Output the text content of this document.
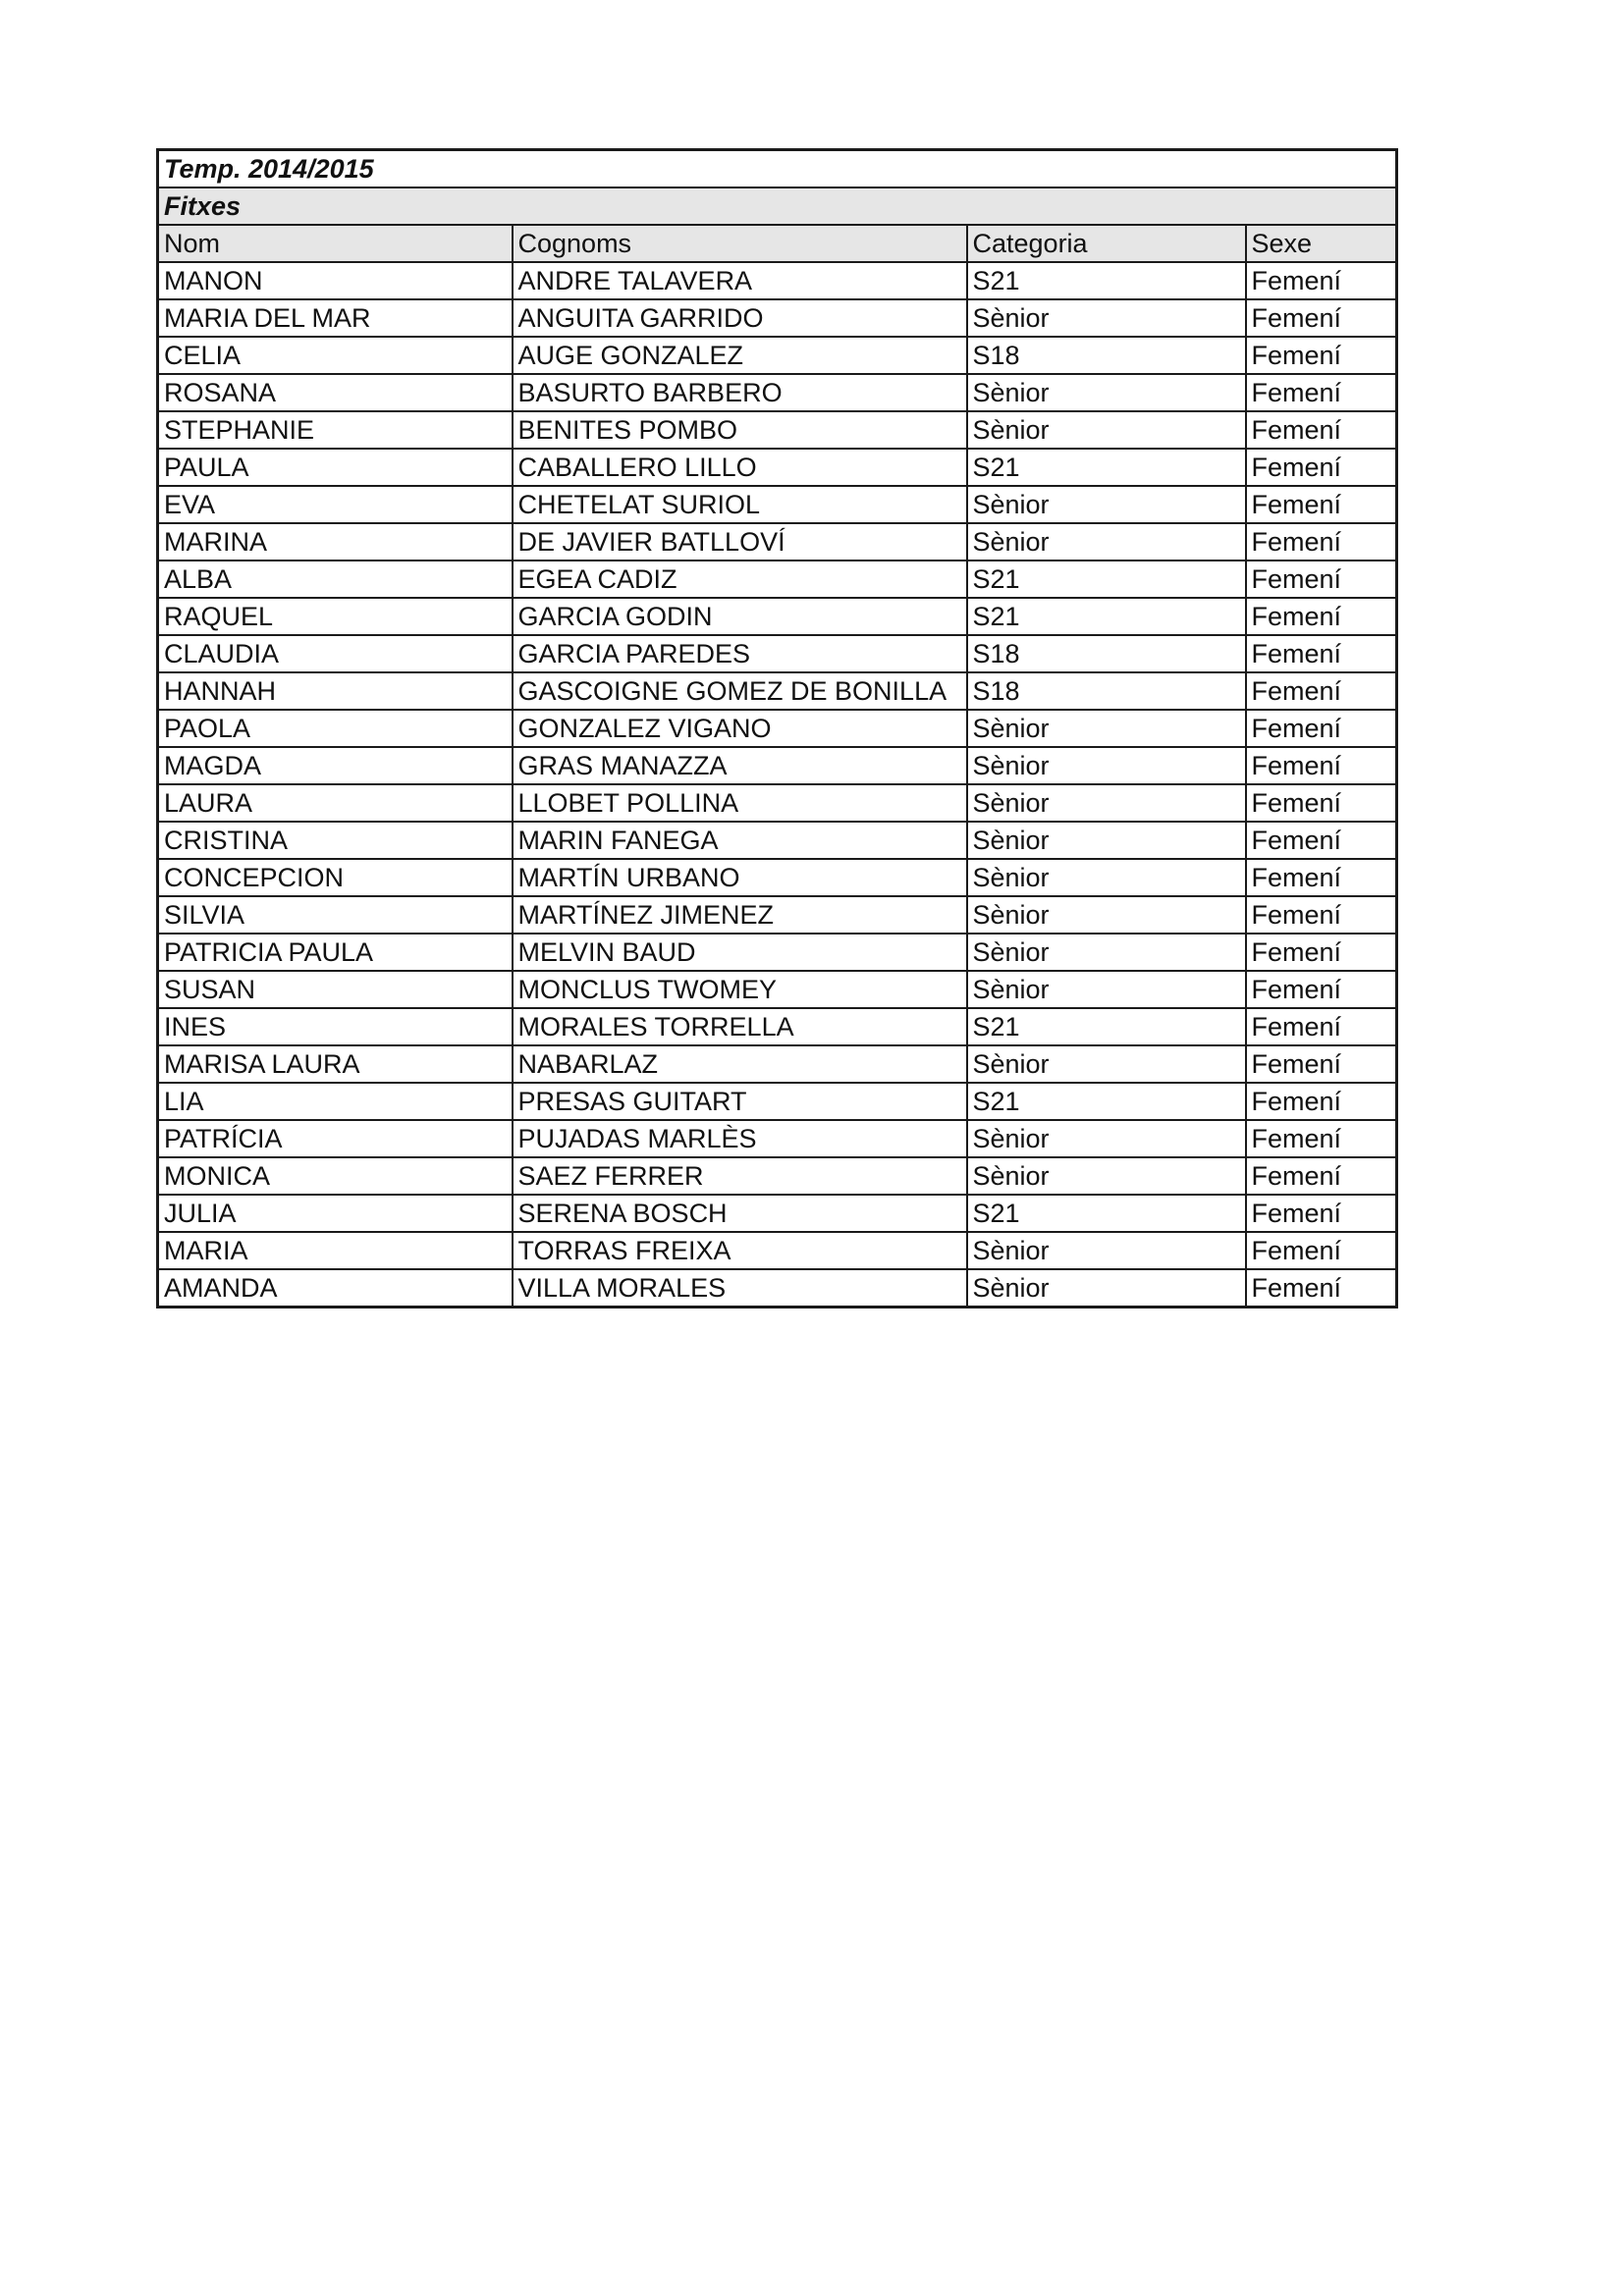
Temp. 2014/2015			
Fitxes			
Nom	Cognoms	Categoria	Sexe
MANON	ANDRE TALAVERA	S21	Femení
MARIA DEL MAR	ANGUITA GARRIDO	Sènior	Femení
CELIA	AUGE GONZALEZ	S18	Femení
ROSANA	BASURTO BARBERO	Sènior	Femení
STEPHANIE	BENITES POMBO	Sènior	Femení
PAULA	CABALLERO LILLO	S21	Femení
EVA	CHETELAT SURIOL	Sènior	Femení
MARINA	DE JAVIER BATLLOVÍ	Sènior	Femení
ALBA	EGEA CADIZ	S21	Femení
RAQUEL	GARCIA GODIN	S21	Femení
CLAUDIA	GARCIA PAREDES	S18	Femení
HANNAH	GASCOIGNE GOMEZ DE BONILLA	S18	Femení
PAOLA	GONZALEZ VIGANO	Sènior	Femení
MAGDA	GRAS MANAZZA	Sènior	Femení
LAURA	LLOBET POLLINA	Sènior	Femení
CRISTINA	MARIN FANEGA	Sènior	Femení
CONCEPCION	MARTÍN URBANO	Sènior	Femení
SILVIA	MARTÍNEZ JIMENEZ	Sènior	Femení
PATRICIA PAULA	MELVIN BAUD	Sènior	Femení
SUSAN	MONCLUS TWOMEY	Sènior	Femení
INES	MORALES TORRELLA	S21	Femení
MARISA LAURA	NABARLAZ	Sènior	Femení
LIA	PRESAS GUITART	S21	Femení
PATRÍCIA	PUJADAS MARLÈS	Sènior	Femení
MONICA	SAEZ FERRER	Sènior	Femení
JULIA	SERENA BOSCH	S21	Femení
MARIA	TORRAS FREIXA	Sènior	Femení
AMANDA	VILLA MORALES	Sènior	Femení
